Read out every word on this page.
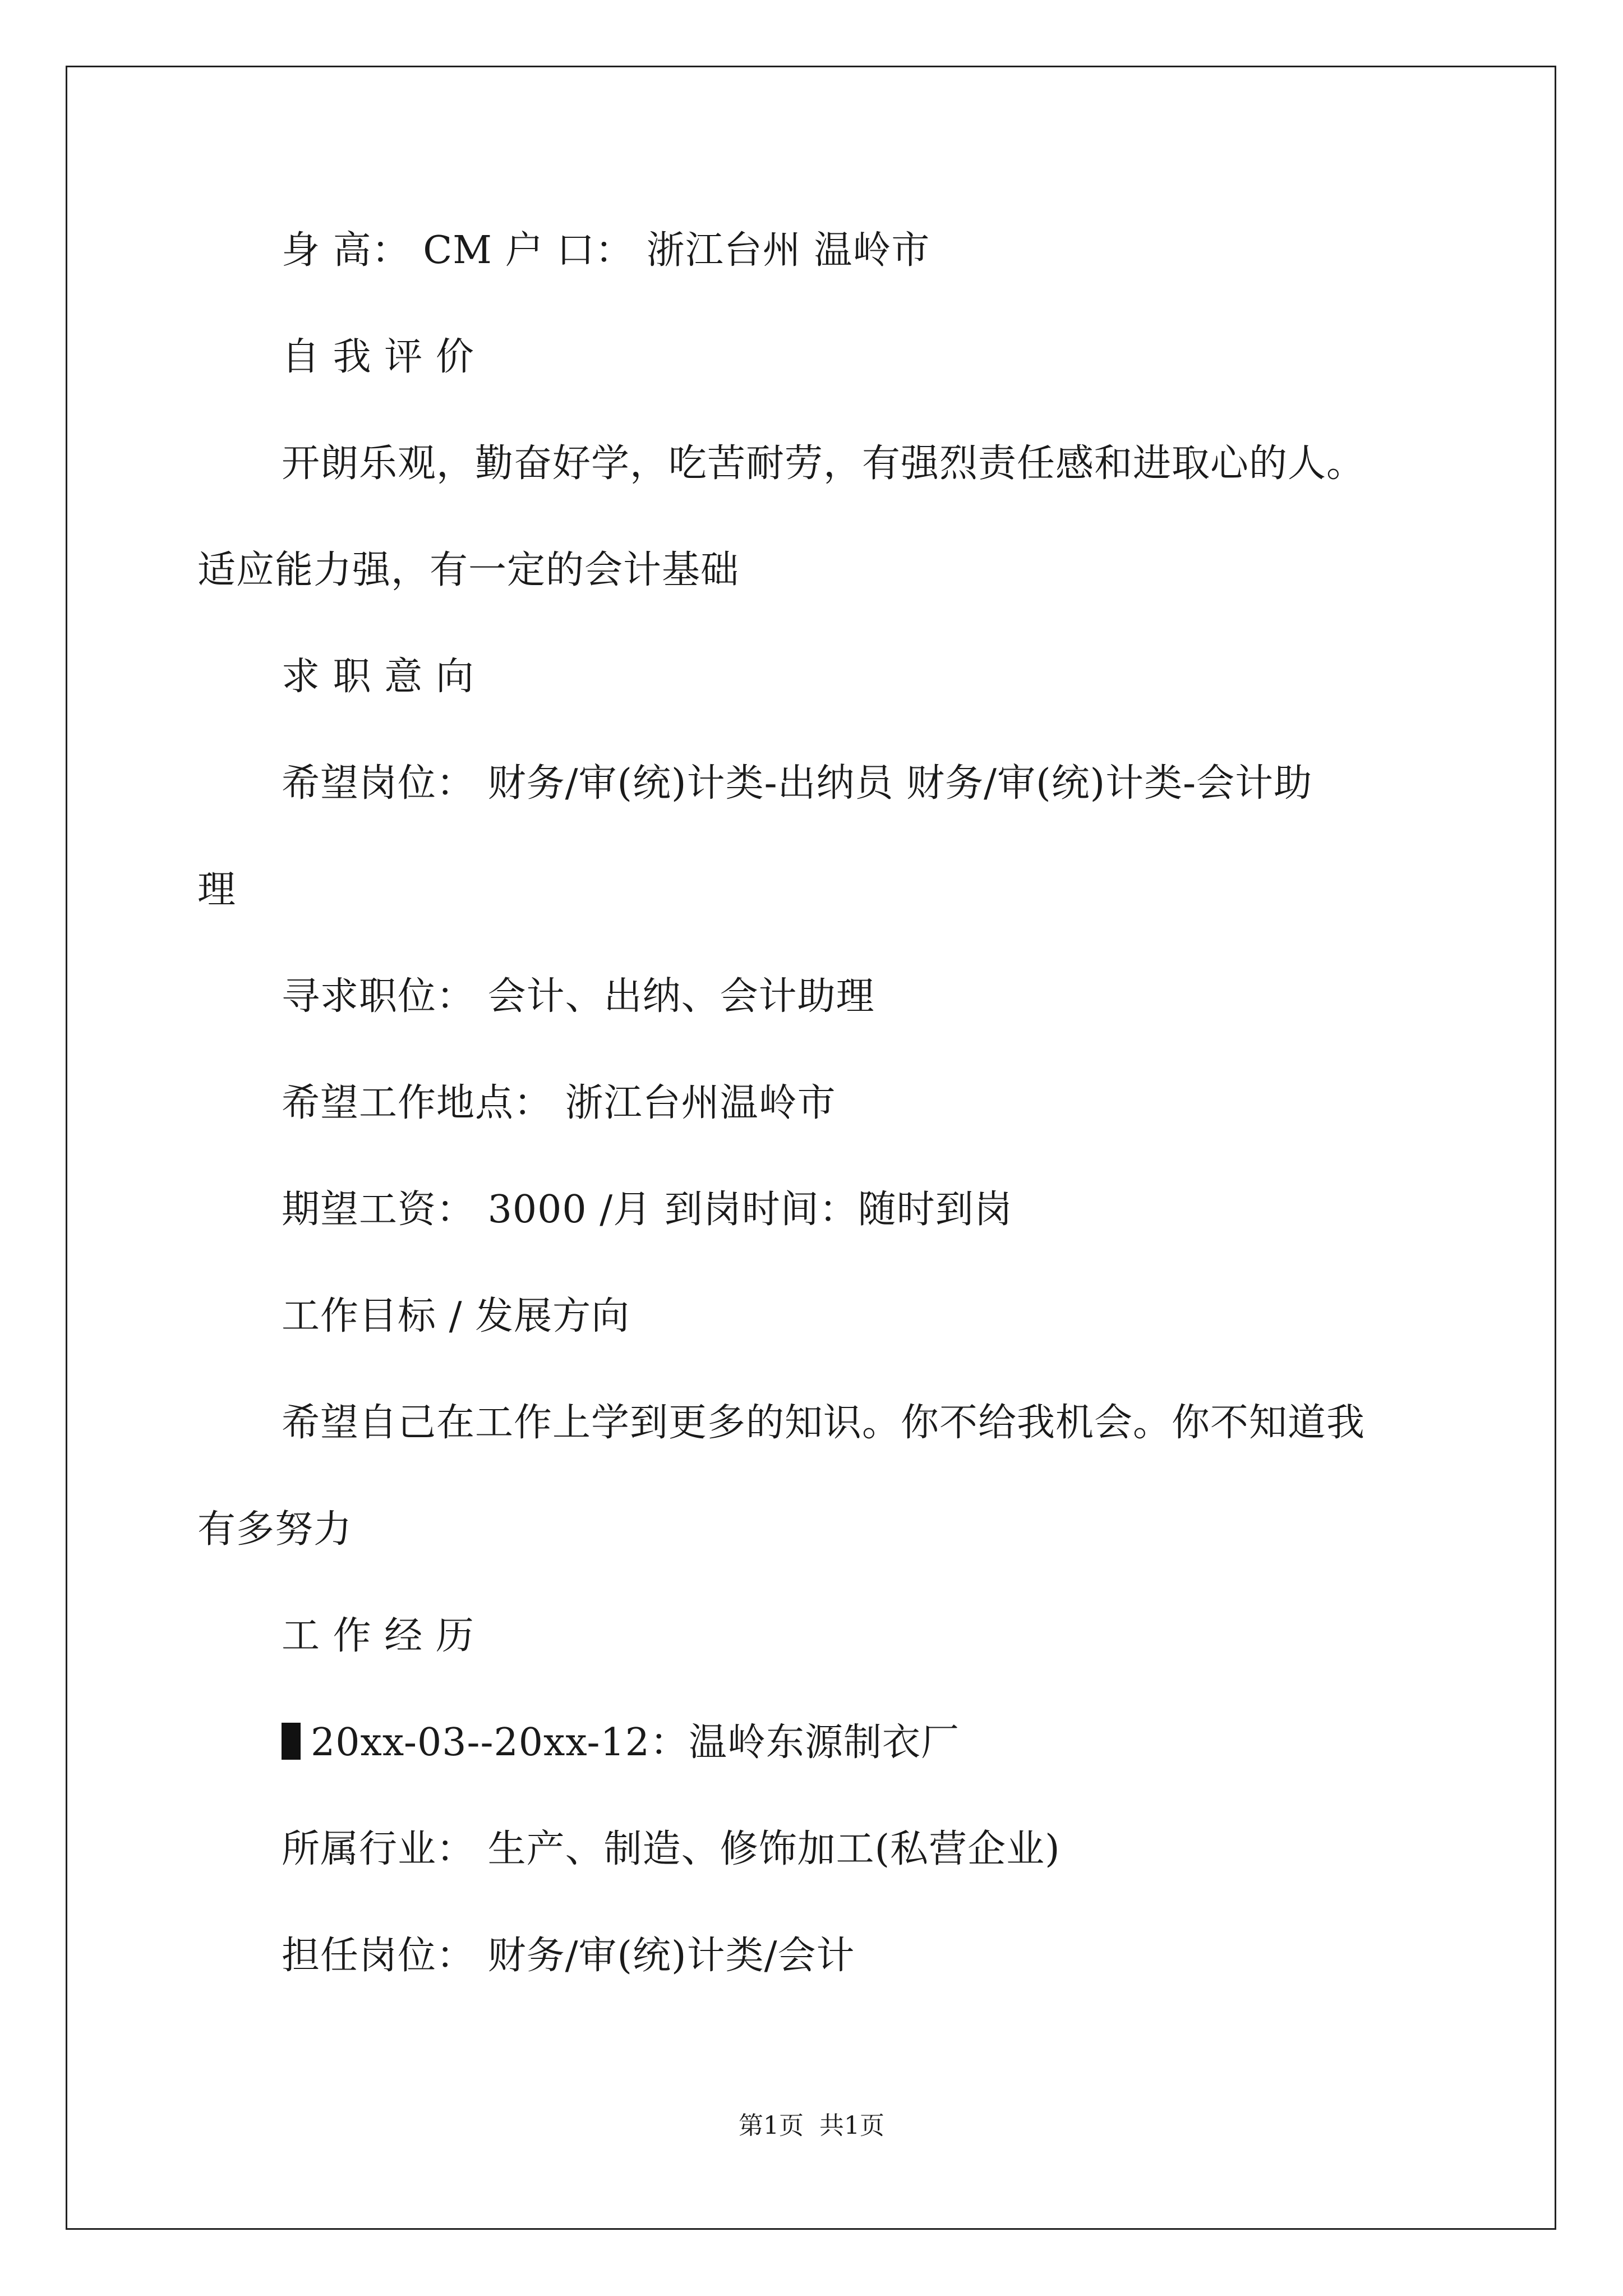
身 高： CM 户 口： 浙江台州 温岭市
自 我 评 价
开朗乐观，勤奋好学，吃苦耐劳，有强烈责任感和进取心的人。
适应能力强，有一定的会计基础
求 职 意 向
希望岗位： 财务/审(统)计类-出纳员 财务/审(统)计类-会计助
理
寻求职位： 会计、出纳、会计助理
希望工作地点： 浙江台州温岭市
期望工资： 3000 /月 到岗时间：随时到岗
工作目标 / 发展方向
希望自己在工作上学到更多的知识。你不给我机会。你不知道我
有多努力
工 作 经 历
20xx-03--20xx-12：温岭东源制衣厂
所属行业： 生产、制造、修饰加工(私营企业)
担任岗位： 财务/审(统)计类/会计
第1页 共1页
